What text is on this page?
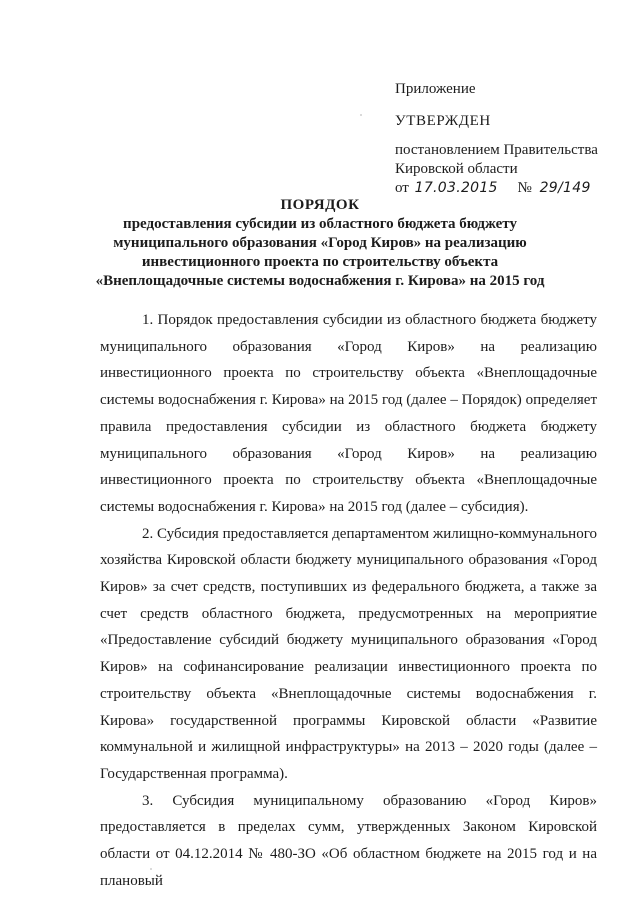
Приложение
УТВЕРЖДЕН
постановлением Правительства
Кировской области
от 17.03.2015 № 29/149
ПОРЯДОК
предоставления субсидии из областного бюджета бюджету
муниципального образования «Город Киров» на реализацию
инвестиционного проекта по строительству объекта
«Внеплощадочные системы водоснабжения г. Кирова» на 2015 год

1. Порядок предоставления субсидии из областного бюджета бюджету муниципального образования «Город Киров» на реализацию инвестиционного проекта по строительству объекта «Внеплощадочные системы водоснабжения г. Кирова» на 2015 год (далее – Порядок) определяет правила предоставления субсидии из областного бюджета бюджету муниципального образования «Город Киров» на реализацию инвестиционного проекта по строительству объекта «Внеплощадочные системы водоснабжения г. Кирова» на 2015 год (далее – субсидия).

2. Субсидия предоставляется департаментом жилищно-коммунального хозяйства Кировской области бюджету муниципального образования «Город Киров» за счет средств, поступивших из федерального бюджета, а также за счет средств областного бюджета, предусмотренных на мероприятие «Предоставление субсидий бюджету муниципального образования «Город Киров» на софинансирование реализации инвестиционного проекта по строительству объекта «Внеплощадочные системы водоснабжения г. Кирова» государственной программы Кировской области «Развитие коммунальной и жилищной инфраструктуры» на 2013 – 2020 годы (далее – Государственная программа).

3. Субсидия муниципальному образованию «Город Киров» предоставляется в пределах сумм, утвержденных Законом Кировской области от 04.12.2014 № 480-ЗО «Об областном бюджете на 2015 год и на плановый
